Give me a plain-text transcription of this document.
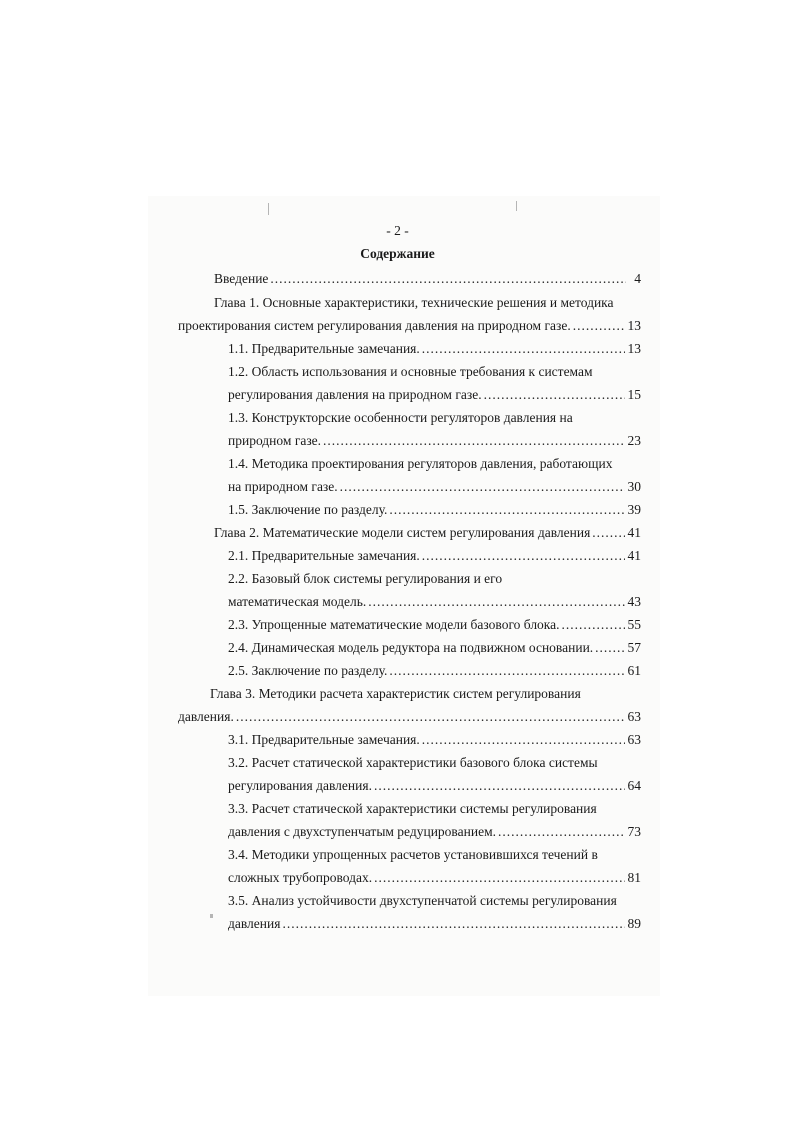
- 2 -
Содержание
Введение .....	4
Глава 1. Основные характеристики, технические решения и методика
проектирования систем регулирования давления на природном газе. .....	13
1.1. Предварительные замечания. .....	13
1.2. Область использования и основные требования к системам
регулирования давления на природном газе. .....	15
1.3. Конструкторские особенности регуляторов давления на
природном газе. .....	23
1.4. Методика проектирования регуляторов давления, работающих
на природном газе. .....	30
1.5. Заключение по разделу. .....	39
Глава 2. Математические модели систем регулирования давления .....	41
2.1. Предварительные замечания. .....	41
2.2. Базовый блок системы регулирования и его
математическая модель. .....	43
2.3. Упрощенные математические модели базового блока. .....	55
2.4. Динамическая модель редуктора на подвижном основании. .....	57
2.5. Заключение по разделу. .....	61
Глава 3. Методики расчета характеристик систем регулирования
давления. .....	63
3.1. Предварительные замечания. .....	63
3.2. Расчет статической характеристики базового блока системы
регулирования давления. .....	64
3.3. Расчет статической характеристики системы регулирования
давления с двухступенчатым редуцированием. .....	73
3.4. Методики упрощенных расчетов установившихся течений в
сложных трубопроводах. .....	81
3.5. Анализ устойчивости двухступенчатой системы регулирования
давления .....	89
